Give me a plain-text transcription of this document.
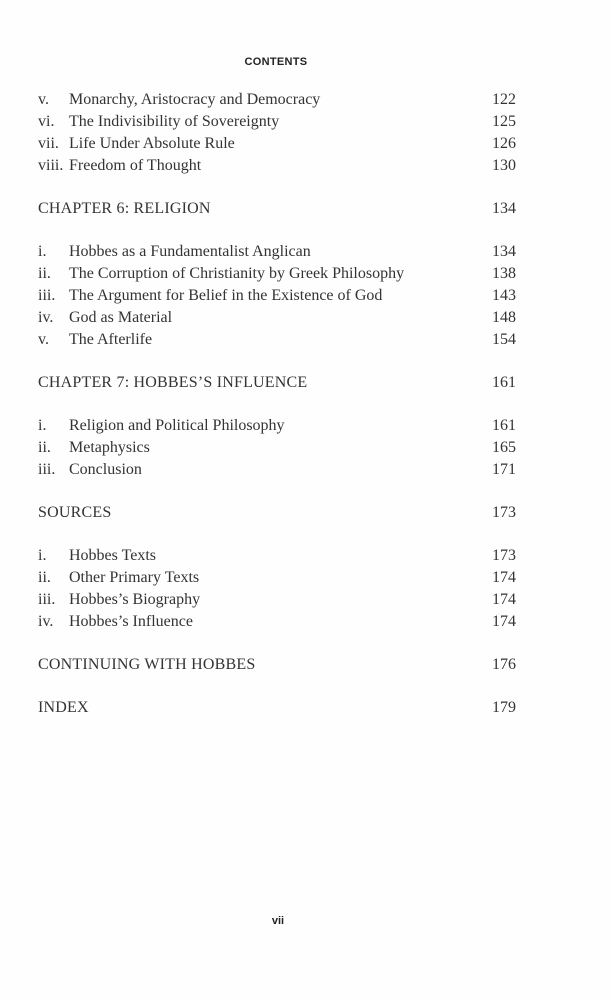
CONTENTS
v.	Monarchy, Aristocracy and Democracy	122
vi. The Indivisibility of Sovereignty	125
vii. Life Under Absolute Rule	126
viii. Freedom of Thought	130
CHAPTER 6: RELIGION	134
i.	Hobbes as a Fundamentalist Anglican	134
ii.	The Corruption of Christianity by Greek Philosophy	138
iii. The Argument for Belief in the Existence of God	143
iv. God as Material	148
v.	The Afterlife	154
CHAPTER 7: HOBBES’S INFLUENCE	161
i.	Religion and Political Philosophy	161
ii.	Metaphysics	165
iii. Conclusion	171
SOURCES	173
i.	Hobbes Texts	173
ii.	Other Primary Texts	174
iii. Hobbes’s Biography	174
iv. Hobbes’s Influence	174
CONTINUING WITH HOBBES	176
INDEX	179
vii
